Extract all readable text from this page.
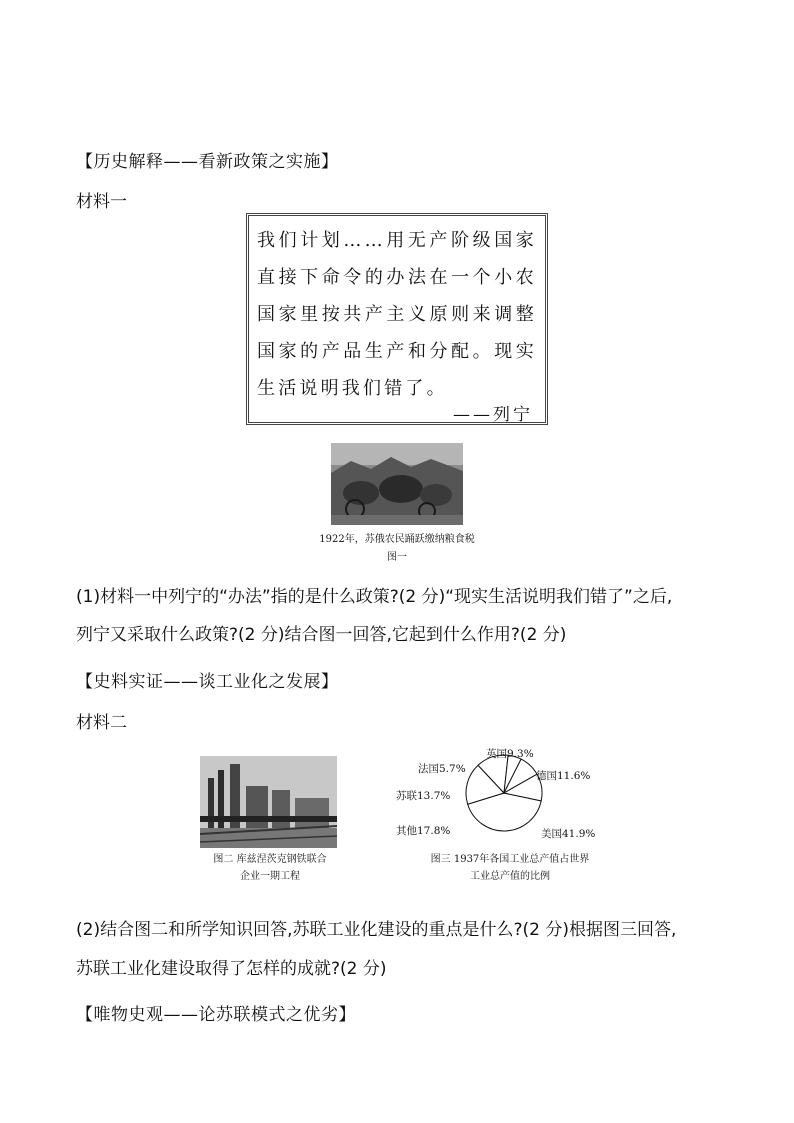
【历史解释——看新政策之实施】
材料一
我们计划……用无产阶级国家直接下命令的办法在一个小农国家里按共产主义原则来调整国家的产品生产和分配。现实生活说明我们错了。
——列宁
1922年，苏俄农民踊跃缴纳粮食税
图一
(1)材料一中列宁的“办法”指的是什么政策?(2 分)“现实生活说明我们错了”之后,
列宁又采取什么政策?(2 分)结合图一回答,它起到什么作用?(2 分)
【史料实证——谈工业化之发展】
材料二
图二 库兹涅茨克钢铁联合
企业一期工程
英国9.3%
法国5.7%
德国11.6%
苏联13.7%
其他17.8%	美国41.9%
图三 1937年各国工业总产值占世界
工业总产值的比例
(2)结合图二和所学知识回答,苏联工业化建设的重点是什么?(2 分)根据图三回答,
苏联工业化建设取得了怎样的成就?(2 分)
【唯物史观——论苏联模式之优劣】
